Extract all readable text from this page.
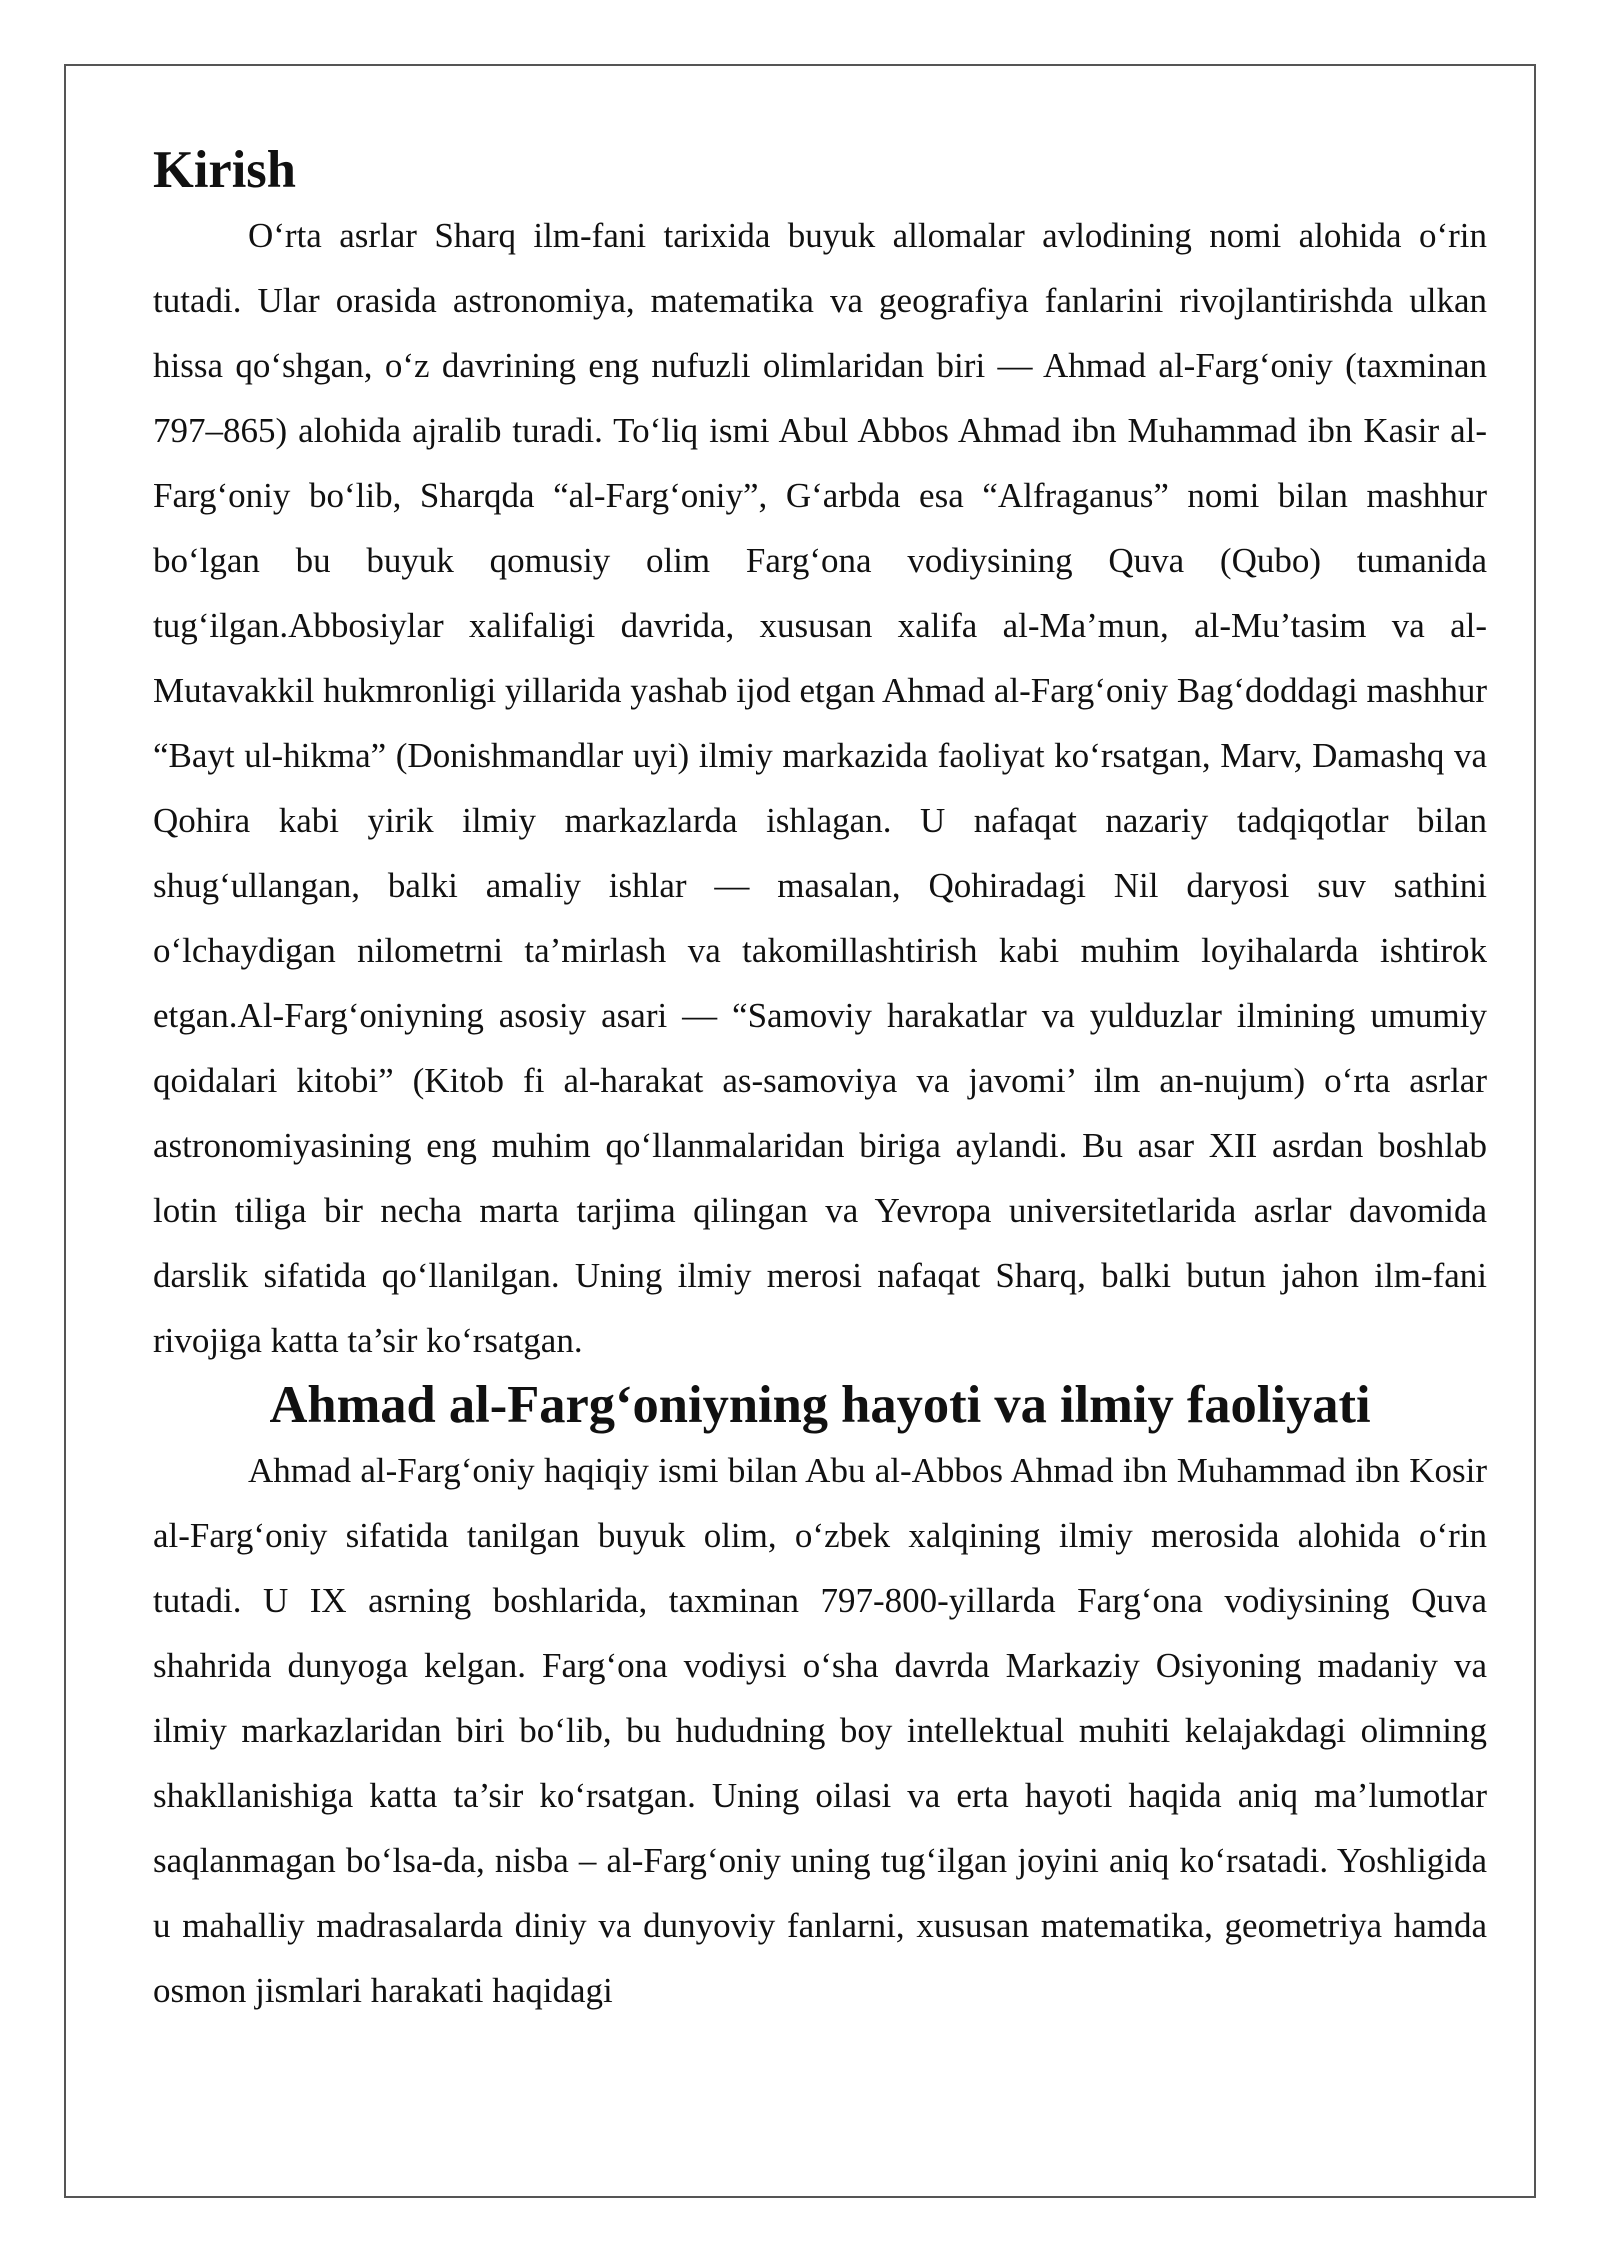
Kirish

O‘rta asrlar Sharq ilm-fani tarixida buyuk allomalar avlodining nomi alohida o‘rin tutadi. Ular orasida astronomiya, matematika va geografiya fanlarini rivojlantirishda ulkan hissa qo‘shgan, o‘z davrining eng nufuzli olimlaridan biri — Ahmad al-Farg‘oniy (taxminan 797–865) alohida ajralib turadi. To‘liq ismi Abul Abbos Ahmad ibn Muhammad ibn Kasir al-Farg‘oniy bo‘lib, Sharqda “al-Farg‘oniy”, G‘arbda esa “Alfraganus” nomi bilan mashhur bo‘lgan bu buyuk qomusiy olim Farg‘ona vodiysining Quva (Qubo) tumanida tug‘ilgan.Abbosiylar xalifaligi davrida, xususan xalifa al-Ma’mun, al-Mu’tasim va al-Mutavakkil hukmronligi yillarida yashab ijod etgan Ahmad al-Farg‘oniy Bag‘doddagi mashhur “Bayt ul-hikma” (Donishmandlar uyi) ilmiy markazida faoliyat ko‘rsatgan, Marv, Damashq va Qohira kabi yirik ilmiy markazlarda ishlagan. U nafaqat nazariy tadqiqotlar bilan shug‘ullangan, balki amaliy ishlar — masalan, Qohiradagi Nil daryosi suv sathini o‘lchaydigan nilometrni ta’mirlash va takomillashtirish kabi muhim loyihalarda ishtirok etgan.Al-Farg‘oniyning asosiy asari — “Samoviy harakatlar va yulduzlar ilmining umumiy qoidalari kitobi” (Kitob fi al-harakat as-samoviya va javomi’ ilm an-nujum) o‘rta asrlar astronomiyasining eng muhim qo‘llanmalaridan biriga aylandi. Bu asar XII asrdan boshlab lotin tiliga bir necha marta tarjima qilingan va Yevropa universitetlarida asrlar davomida darslik sifatida qo‘llanilgan. Uning ilmiy merosi nafaqat Sharq, balki butun jahon ilm-fani rivojiga katta ta’sir ko‘rsatgan.

Ahmad al-Farg‘oniyning hayoti va ilmiy faoliyati

Ahmad al-Farg‘oniy haqiqiy ismi bilan Abu al-Abbos Ahmad ibn Muhammad ibn Kosir al-Farg‘oniy sifatida tanilgan buyuk olim, o‘zbek xalqining ilmiy merosida alohida o‘rin tutadi. U IX asrning boshlarida, taxminan 797-800-yillarda Farg‘ona vodiysining Quva shahrida dunyoga kelgan. Farg‘ona vodiysi o‘sha davrda Markaziy Osiyoning madaniy va ilmiy markazlaridan biri bo‘lib, bu hududning boy intellektual muhiti kelajakdagi olimning shakllanishiga katta ta’sir ko‘rsatgan. Uning oilasi va erta hayoti haqida aniq ma’lumotlar saqlanmagan bo‘lsa-da, nisba – al-Farg‘oniy uning tug‘ilgan joyini aniq ko‘rsatadi. Yoshligida u mahalliy madrasalarda diniy va dunyoviy fanlarni, xususan matematika, geometriya hamda osmon jismlari harakati haqidagi
